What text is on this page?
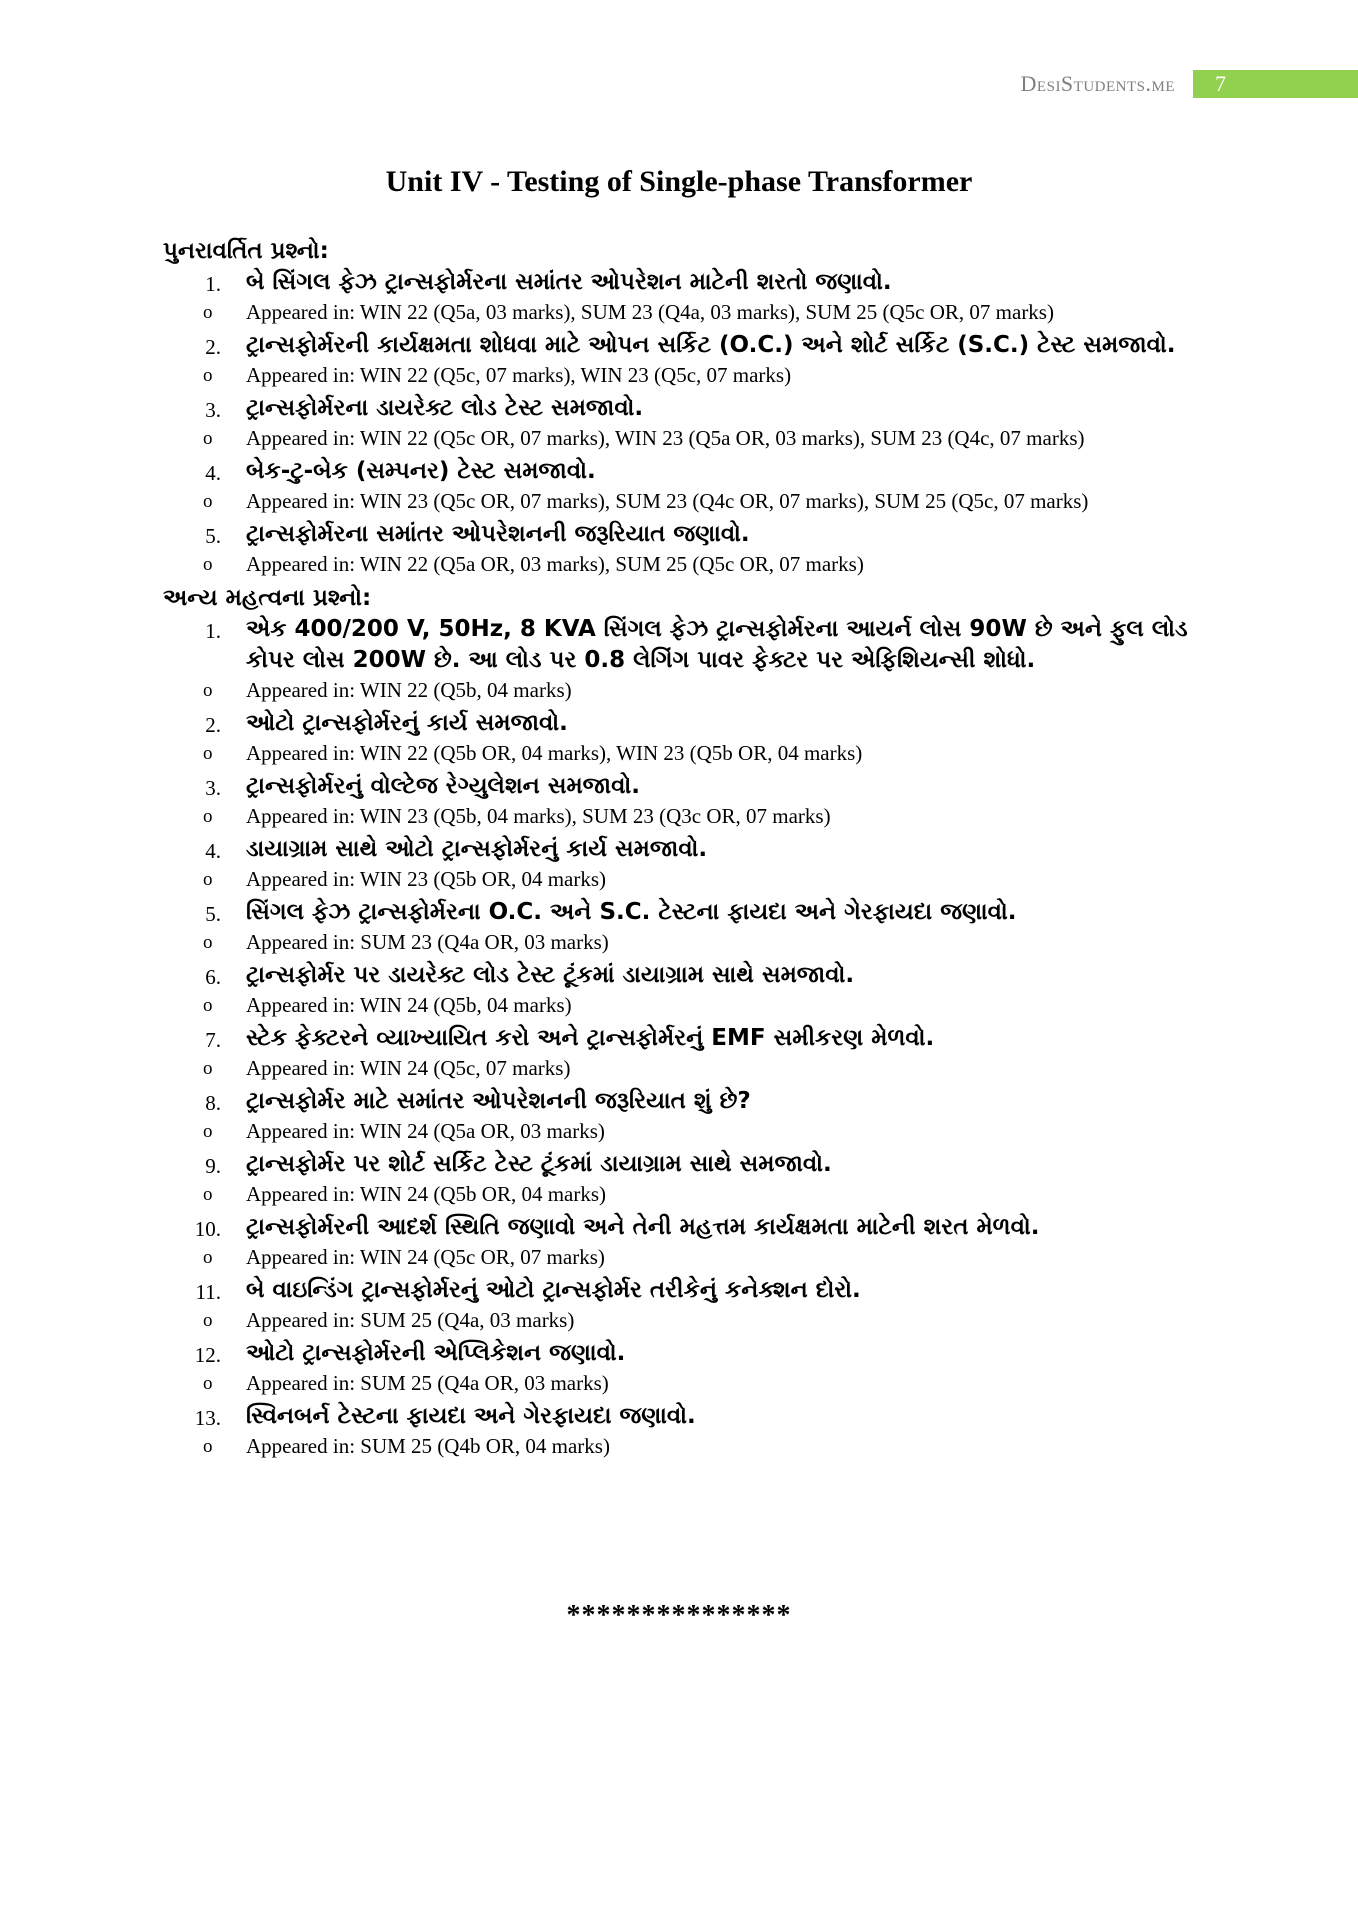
DesiStudents.me	7
Unit IV - Testing of Single-phase Transformer
પુનરાવર્તિત પ્રશ્નો:
1. બે સિંગલ ફેઝ ટ્રાન્સફોર્મરના સમાંતર ઓપરેશન માટેની શરતો જણાવો.
o Appeared in: WIN 22 (Q5a, 03 marks), SUM 23 (Q4a, 03 marks), SUM 25 (Q5c OR, 07 marks)
2. ટ્રાન્સફોર્મરની કાર્યક્ષમતા શોધવા માટે ઓપન સર્કિટ (O.C.) અને શોર્ટ સર્કિટ (S.C.) ટેસ્ટ સમજાવો.
o Appeared in: WIN 22 (Q5c, 07 marks), WIN 23 (Q5c, 07 marks)
3. ટ્રાન્સફોર્મરના ડાયરેક્ટ લોડ ટેસ્ટ સમજાવો.
o Appeared in: WIN 22 (Q5c OR, 07 marks), WIN 23 (Q5a OR, 03 marks), SUM 23 (Q4c, 07 marks)
4. બેક-ટુ-બેક (સમ્પનર) ટેસ્ટ સમજાવો.
o Appeared in: WIN 23 (Q5c OR, 07 marks), SUM 23 (Q4c OR, 07 marks), SUM 25 (Q5c, 07 marks)
5. ટ્રાન્સફોર્મરના સમાંતર ઓપરેશનની જરૂરિયાત જણાવો.
o Appeared in: WIN 22 (Q5a OR, 03 marks), SUM 25 (Q5c OR, 07 marks)
અન્ય મહત્વના પ્રશ્નો:
1. એક 400/200 V, 50Hz, 8 KVA સિંગલ ફેઝ ટ્રાન્સફોર્મરના આયર્ન લોસ 90W છે અને ફુલ લોડ કોપર લોસ 200W છે. આ લોડ પર 0.8 લેગિંગ પાવર ફેક્ટર પર એફિશિયન્સી શોધો.
o Appeared in: WIN 22 (Q5b, 04 marks)
2. ઓટો ટ્રાન્સફોર્મરનું કાર્ય સમજાવો.
o Appeared in: WIN 22 (Q5b OR, 04 marks), WIN 23 (Q5b OR, 04 marks)
3. ટ્રાન્સફોર્મરનું વોલ્ટેજ રેગ્યુલેશન સમજાવો.
o Appeared in: WIN 23 (Q5b, 04 marks), SUM 23 (Q3c OR, 07 marks)
4. ડાયાગ્રામ સાથે ઓટો ટ્રાન્સફોર્મરનું કાર્ય સમજાવો.
o Appeared in: WIN 23 (Q5b OR, 04 marks)
5. સિંગલ ફેઝ ટ્રાન્સફોર્મરના O.C. અને S.C. ટેસ્ટના ફાયદા અને ગેરફાયદા જણાવો.
o Appeared in: SUM 23 (Q4a OR, 03 marks)
6. ટ્રાન્સફોર્મર પર ડાયરેક્ટ લોડ ટેસ્ટ ટૂંકમાં ડાયાગ્રામ સાથે સમજાવો.
o Appeared in: WIN 24 (Q5b, 04 marks)
7. સ્ટેક ફેક્ટરને વ્યાખ્યાયિત કરો અને ટ્રાન્સફોર્મરનું EMF સમીકરણ મેળવો.
o Appeared in: WIN 24 (Q5c, 07 marks)
8. ટ્રાન્સફોર્મર માટે સમાંતર ઓપરેશનની જરૂરિયાત શું છે?
o Appeared in: WIN 24 (Q5a OR, 03 marks)
9. ટ્રાન્સફોર્મર પર શોર્ટ સર્કિટ ટેસ્ટ ટૂંકમાં ડાયાગ્રામ સાથે સમજાવો.
o Appeared in: WIN 24 (Q5b OR, 04 marks)
10. ટ્રાન્સફોર્મરની આદર્શ સ્થિતિ જણાવો અને તેની મહત્તમ કાર્યક્ષમતા માટેની શરત મેળવો.
o Appeared in: WIN 24 (Q5c OR, 07 marks)
11. બે વાઇન્ડિંગ ટ્રાન્સફોર્મરનું ઓટો ટ્રાન્સફોર્મર તરીકેનું કનેક્શન દોરો.
o Appeared in: SUM 25 (Q4a, 03 marks)
12. ઓટો ટ્રાન્સફોર્મરની એપ્લિકેશન જણાવો.
o Appeared in: SUM 25 (Q4a OR, 03 marks)
13. સ્વિનબર્ન ટેસ્ટના ફાયદા અને ગેરફાયદા જણાવો.
o Appeared in: SUM 25 (Q4b OR, 04 marks)
***************
